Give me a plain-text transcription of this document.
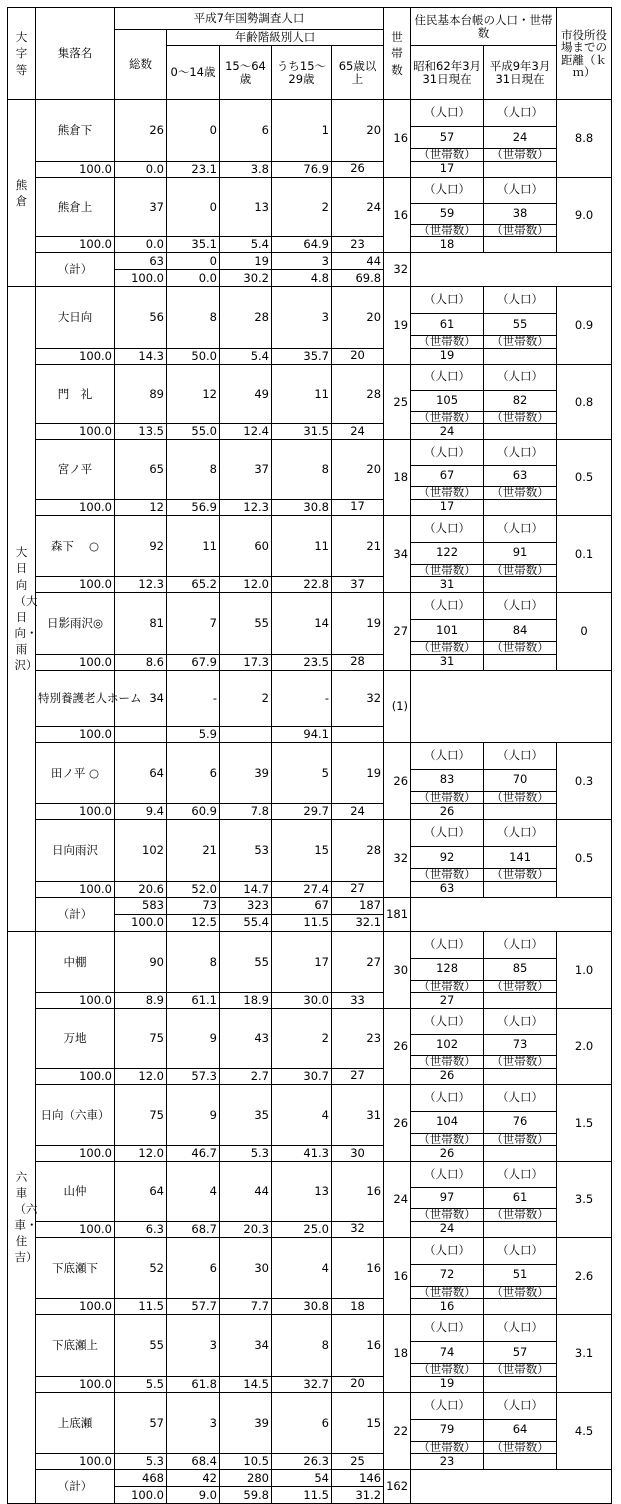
大字等	集落名	平成7年国勢調査人口					世帯数	住民基本台帳の人口・世帯数		市役所役場までの距離（ｋｍ）
		総数	年齢階級別人口							
			0～14歳	15～64歳	うち15～29歳	65歳以上		昭和62年3月31日現在	平成9年3月31日現在	
熊倉	熊倉下	26	0	6	1	20	16	（人口）	（人口）	8.8
								57	24	
								（世帯数）	（世帯数）	
	100.0	0.0	23.1	3.8	76.9	26		17		
	熊倉上	37	0	13	2	24	16	（人口）	（人口）	9.0
								59	38	
								（世帯数）	（世帯数）	
	100.0	0.0	35.1	5.4	64.9	23		18		
	（計）	63	0	19	3	44	32			
		100.0	0.0	30.2	4.8	69.8				
大日向（大日向・雨沢）	大日向	56	8	28	3	20	19	（人口）	（人口）	0.9
								61	55	
								（世帯数）	（世帯数）	
	100.0	14.3	50.0	5.4	35.7	20		19		
	門　礼	89	12	49	11	28	25	（人口）	（人口）	0.8
								105	82	
								（世帯数）	（世帯数）	
	100.0	13.5	55.0	12.4	31.5	24		24		
	宮ノ平	65	8	37	8	20	18	（人口）	（人口）	0.5
								67	63	
								（世帯数）	（世帯数）	
	100.0	12	56.9	12.3	30.8	17		17		
	森下　 ○	92	11	60	11	21	34	（人口）	（人口）	0.1
								122	91	
								（世帯数）	（世帯数）	
	100.0	12.3	65.2	12.0	22.8	37		31		
	日影雨沢◎	81	7	55	14	19	27	（人口）	（人口）	0
								101	84	
								（世帯数）	（世帯数）	
	100.0	8.6	67.9	17.3	23.5	28		31		
	特別養護老人ホーム	34	-	2	-	32	(1)			

	100.0		5.9		94.1					
	田ノ平 ○	64	6	39	5	19	26	（人口）	（人口）	0.3
								83	70	
								（世帯数）	（世帯数）	
	100.0	9.4	60.9	7.8	29.7	24		26		
	日向雨沢	102	21	53	15	28	32	（人口）	（人口）	0.5
								92	141	
								（世帯数）	（世帯数）	
	100.0	20.6	52.0	14.7	27.4	27		63		
	（計）	583	73	323	67	187	181			
		100.0	12.5	55.4	11.5	32.1				
六車（六車・住吉）	中棚	90	8	55	17	27	30	（人口）	（人口）	1.0
								128	85	
								（世帯数）	（世帯数）	
	100.0	8.9	61.1	18.9	30.0	33		27		
	万地	75	9	43	2	23	26	（人口）	（人口）	2.0
								102	73	
								（世帯数）	（世帯数）	
	100.0	12.0	57.3	2.7	30.7	27		26		
	日向（六車）	75	9	35	4	31	26	（人口）	（人口）	1.5
								104	76	
								（世帯数）	（世帯数）	
	100.0	12.0	46.7	5.3	41.3	30		26		
	山仲	64	4	44	13	16	24	（人口）	（人口）	3.5
								97	61	
								（世帯数）	（世帯数）	
	100.0	6.3	68.7	20.3	25.0	32		24		
	下底瀬下	52	6	30	4	16	16	（人口）	（人口）	2.6
								72	51	
								（世帯数）	（世帯数）	
	100.0	11.5	57.7	7.7	30.8	18		16		
	下底瀬上	55	3	34	8	16	18	（人口）	（人口）	3.1
								74	57	
								（世帯数）	（世帯数）	
	100.0	5.5	61.8	14.5	32.7	20		19		
	上底瀬	57	3	39	6	15	22	（人口）	（人口）	4.5
								79	64	
								（世帯数）	（世帯数）	
	100.0	5.3	68.4	10.5	26.3	25		23		
	（計）	468	42	280	54	146	162			
		100.0	9.0	59.8	11.5	31.2				
